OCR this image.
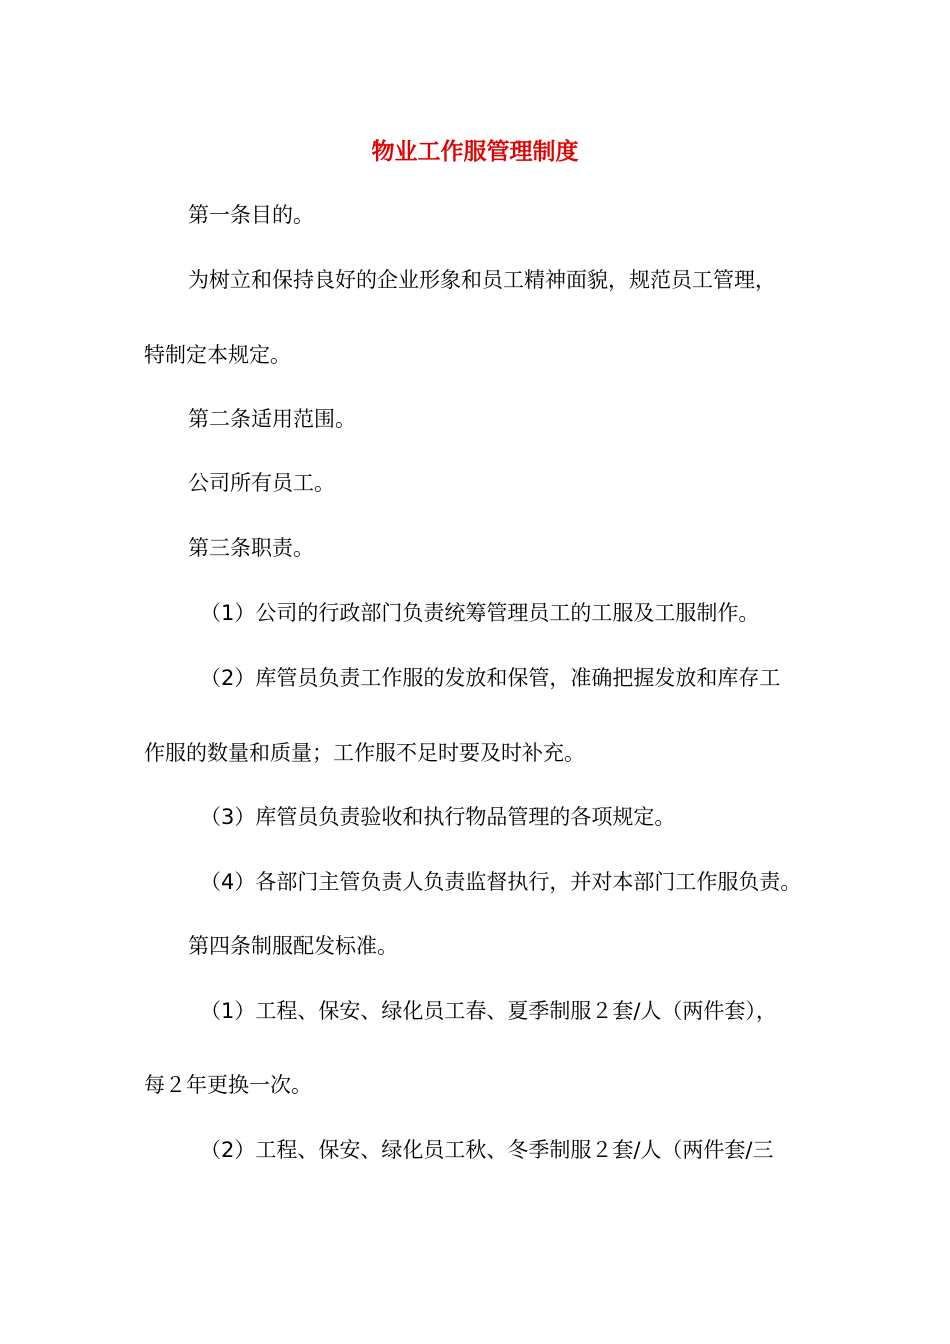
物业工作服管理制度

第一条目的。

为树立和保持良好的企业形象和员工精神面貌，规范员工管理，

特制定本规定。

第二条适用范围。

公司所有员工。

第三条职责。

（1）公司的行政部门负责统筹管理员工的工服及工服制作。

（2）库管员负责工作服的发放和保管，准确把握发放和库存工

作服的数量和质量；工作服不足时要及时补充。

（3）库管员负责验收和执行物品管理的各项规定。

（4）各部门主管负责人负责监督执行，并对本部门工作服负责。

第四条制服配发标准。

（1）工程、保安、绿化员工春、夏季制服２套/人（两件套），

每２年更换一次。

（2）工程、保安、绿化员工秋、冬季制服２套/人（两件套/三
